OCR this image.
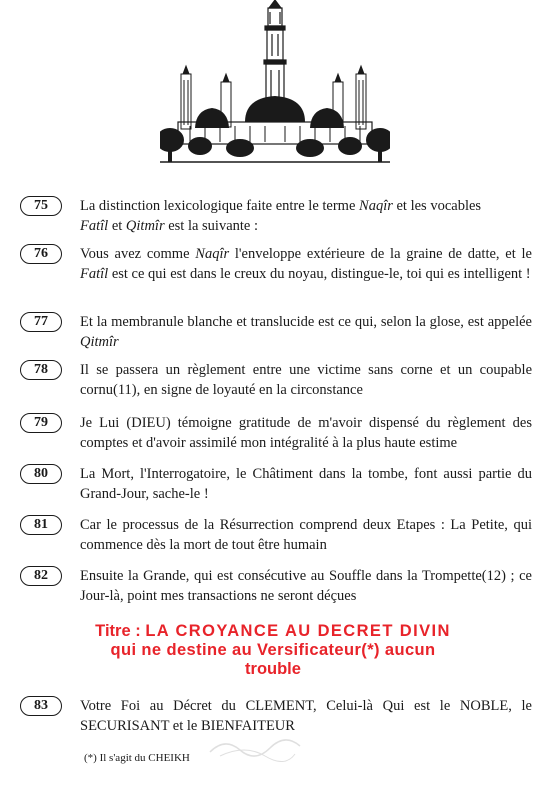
75	La distinction lexicologique faite entre le terme Naqîr et les vocables
Fatîl et Qitmîr est la suivante :
76	Vous avez comme Naqîr l'enveloppe extérieure de la graine de datte, et le Fatîl est ce qui est dans le creux du noyau, distingue-le, toi qui es intelligent !
77	Et la membranule blanche et translucide est ce qui, selon la glose, est appelée Qitmîr
78	Il se passera un règlement entre une victime sans corne et un coupable cornu(11), en signe de loyauté en la circonstance
79	Je Lui (DIEU) témoigne gratitude de m'avoir dispensé du règlement des comptes et d'avoir assimilé mon intégralité à la plus haute estime
80	La Mort, l'Interrogatoire, le Châtiment dans la tombe, font aussi partie du Grand-Jour, sache-le !
81	Car le processus de la Résurrection comprend deux Etapes : La Petite, qui commence dès la mort de tout être humain
82	Ensuite la Grande, qui est consécutive au Souffle dans la Trompette(12) ; ce Jour-là, point mes transactions ne seront déçues
Titre : LA CROYANCE AU DECRET DIVIN
qui ne destine au Versificateur(*) aucun
trouble
83	Votre Foi au Décret du CLEMENT, Celui-là Qui est le NOBLE, le SECURISANT et le BIENFAITEUR
(*) Il s'agit du CHEIKH
